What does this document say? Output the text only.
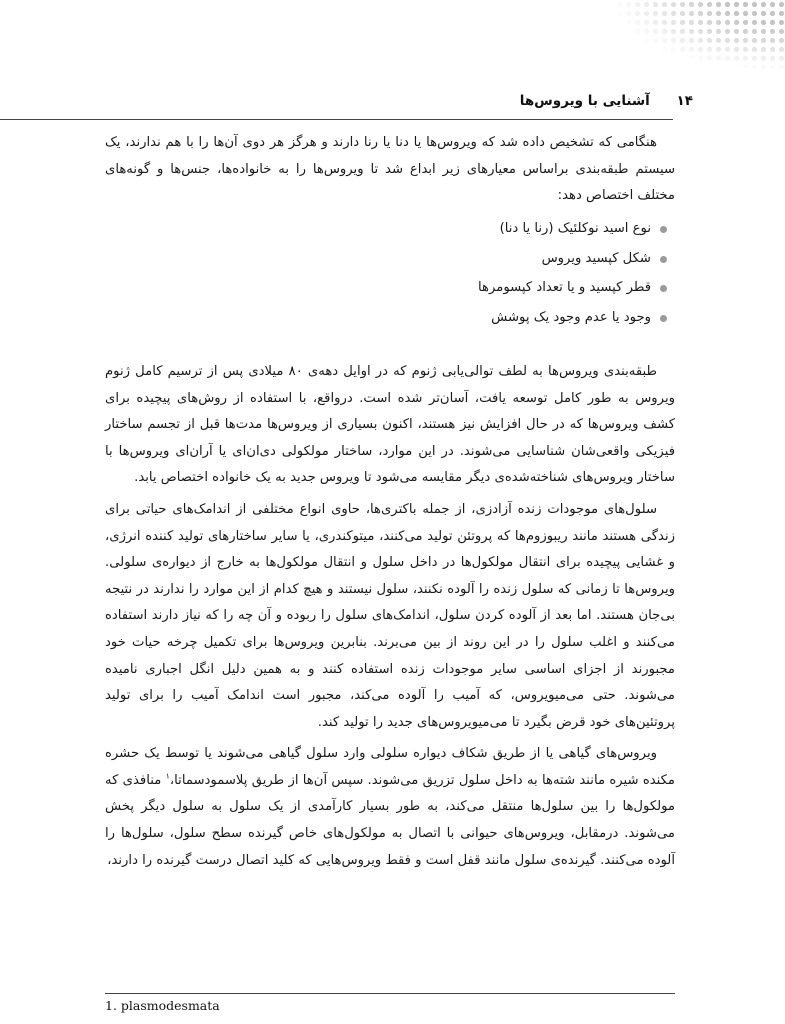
۱۴ آشنایی با ویروس‌ها

هنگامی که تشخیص داده شد که ویروس‌ها یا دنا یا رنا دارند و هرگز هر دوی آن‌ها را با هم ندارند، یک سیستم طبقه‌بندی براساس معیارهای زیر ابداع شد تا ویروس‌ها را به خانواده‌ها، جنس‌ها و گونه‌های مختلف اختصاص دهد:

نوع اسید نوکلئیک (رنا یا دنا)
شکل کپسید ویروس
قطر کپسید و یا تعداد کپسومرها
وجود یا عدم وجود یک پوشش

طبقه‌بندی ویروس‌ها به لطف توالی‌یابی ژنوم که در اوایل دهه‌ی ۸۰ میلادی پس از ترسیم کامل ژنوم ویروس به طور کامل توسعه یافت، آسان‌تر شده است. درواقع، با استفاده از روش‌های پیچیده برای کشف ویروس‌ها که در حال افزایش نیز هستند، اکنون بسیاری از ویروس‌ها مدت‌ها قبل از تجسم ساختار فیزیکی واقعی‌شان شناسایی می‌شوند. در این موارد، ساختار مولکولی دی‌ان‌ای یا آر‌ان‌ای ویروس‌ها با ساختار ویروس‌های شناخته‌شده‌ی دیگر مقایسه می‌شود تا ویروس جدید به یک خانواده اختصاص یابد.

سلول‌های موجودات زنده آزادزی، از جمله باکتری‌ها، حاوی انواع مختلفی از اندامک‌های حیاتی برای زندگی هستند مانند ریبوزوم‌ها که پروتئن تولید می‌کنند، میتوکندری، یا سایر ساختارهای تولید کننده انرژی، و غشایی پیچیده برای انتقال مولکول‌ها در داخل سلول و انتقال مولکول‌ها به خارج از دیواره‌ی سلولی. ویروس‌ها تا زمانی که سلول زنده را آلوده نکنند، سلول نیستند و هیچ کدام از این موارد را ندارند در نتیجه بی‌جان هستند. اما بعد از آلوده کردن سلول، اندامک‌های سلول را ربوده و آن چه را که نیاز دارند استفاده می‌کنند و اغلب سلول را در این روند از بین می‌برند. بنابرین ویروس‌ها برای تکمیل چرخه حیات خود مجبورند از اجزای اساسی سایر موجودات زنده استفاده کنند و به همین دلیل انگل اجباری نامیده می‌شوند. حتی می‌میویروس، که آمیب را آلوده می‌کند، مجبور است اندامک آمیب را برای تولید پروتئین‌های خود قرض بگیرد تا می‌میویروس‌های جدید را تولید کند.

ویروس‌های گیاهی یا از طریق شکاف دیواره سلولی وارد سلول گیاهی می‌شوند یا توسط یک حشره مکنده شیره مانند شته‌ها به داخل سلول تزریق می‌شوند. سپس آن‌ها از طریق پلاسمودسماتا،$^۱$ منافذی که مولکول‌ها را بین سلول‌ها منتقل می‌کند، به طور بسیار کارآمدی از یک سلول به سلول دیگر پخش می‌شوند. درمقابل، ویروس‌های حیوانی با اتصال به مولکول‌های خاص گیرنده سطح سلول، سلول‌ها را آلوده می‌کنند. گیرنده‌ی سلول مانند قفل است و فقط ویروس‌هایی که کلید اتصال درست گیرنده را دارند،

1. plasmodesmata
